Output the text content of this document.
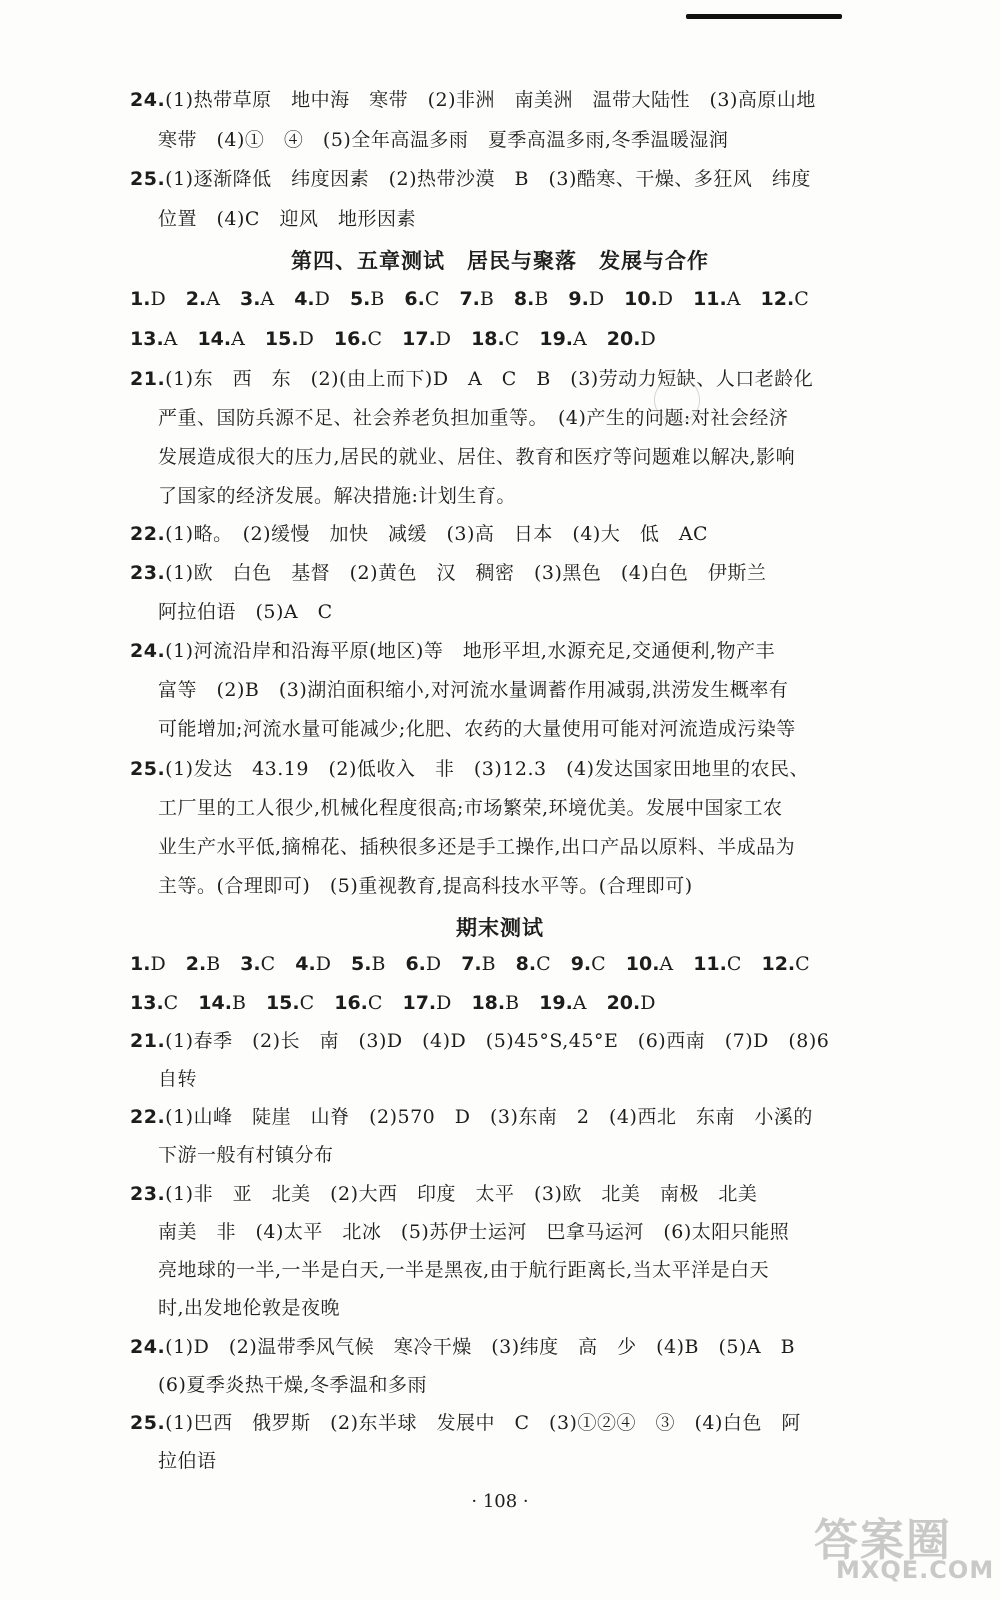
24.(1)热带草原　地中海　寒带　(2)非洲　南美洲　温带大陆性　(3)高原山地
寒带　(4)①　④　(5)全年高温多雨　夏季高温多雨,冬季温暖湿润
25.(1)逐渐降低　纬度因素　(2)热带沙漠　B　(3)酷寒、干燥、多狂风　纬度
位置　(4)C　迎风　地形因素
第四、五章测试　居民与聚落　发展与合作
1.D 2.A 3.A 4.D 5.B 6.C 7.B 8.B 9.D 10.D 11.A 12.C
13.A 14.A 15.D 16.C 17.D 18.C 19.A 20.D
21.(1)东　西　东　(2)(由上而下)D　A　C　B　(3)劳动力短缺、人口老龄化
严重、国防兵源不足、社会养老负担加重等。　(4)产生的问题:对社会经济
发展造成很大的压力,居民的就业、居住、教育和医疗等问题难以解决,影响
了国家的经济发展。解决措施:计划生育。
22.(1)略。　(2)缓慢　加快　减缓　(3)高　日本　(4)大　低　AC
23.(1)欧　白色　基督　(2)黄色　汉　稠密　(3)黑色　(4)白色　伊斯兰
阿拉伯语　(5)A　C
24.(1)河流沿岸和沿海平原(地区)等　地形平坦,水源充足,交通便利,物产丰
富等　(2)B　(3)湖泊面积缩小,对河流水量调蓄作用减弱,洪涝发生概率有
可能增加;河流水量可能减少;化肥、农药的大量使用可能对河流造成污染等
25.(1)发达　43.19　(2)低收入　非　(3)12.3　(4)发达国家田地里的农民、
工厂里的工人很少,机械化程度很高;市场繁荣,环境优美。发展中国家工农
业生产水平低,摘棉花、插秧很多还是手工操作,出口产品以原料、半成品为
主等。(合理即可)　(5)重视教育,提高科技水平等。(合理即可)
期末测试
1.D 2.B 3.C 4.D 5.B 6.D 7.B 8.C 9.C 10.A 11.C 12.C
13.C 14.B 15.C 16.C 17.D 18.B 19.A 20.D
21.(1)春季　(2)长　南　(3)D　(4)D　(5)45°S,45°E　(6)西南　(7)D　(8)6
自转
22.(1)山峰　陡崖　山脊　(2)570　D　(3)东南　2　(4)西北　东南　小溪的
下游一般有村镇分布
23.(1)非　亚　北美　(2)大西　印度　太平　(3)欧　北美　南极　北美
南美　非　(4)太平　北冰　(5)苏伊士运河　巴拿马运河　(6)太阳只能照
亮地球的一半,一半是白天,一半是黑夜,由于航行距离长,当太平洋是白天
时,出发地伦敦是夜晚
24.(1)D　(2)温带季风气候　寒冷干燥　(3)纬度　高　少　(4)B　(5)A　B
(6)夏季炎热干燥,冬季温和多雨
25.(1)巴西　俄罗斯　(2)东半球　发展中　C　(3)①②④　③　(4)白色　阿
拉伯语
· 108 ·
答案圈
MXQE.COM
